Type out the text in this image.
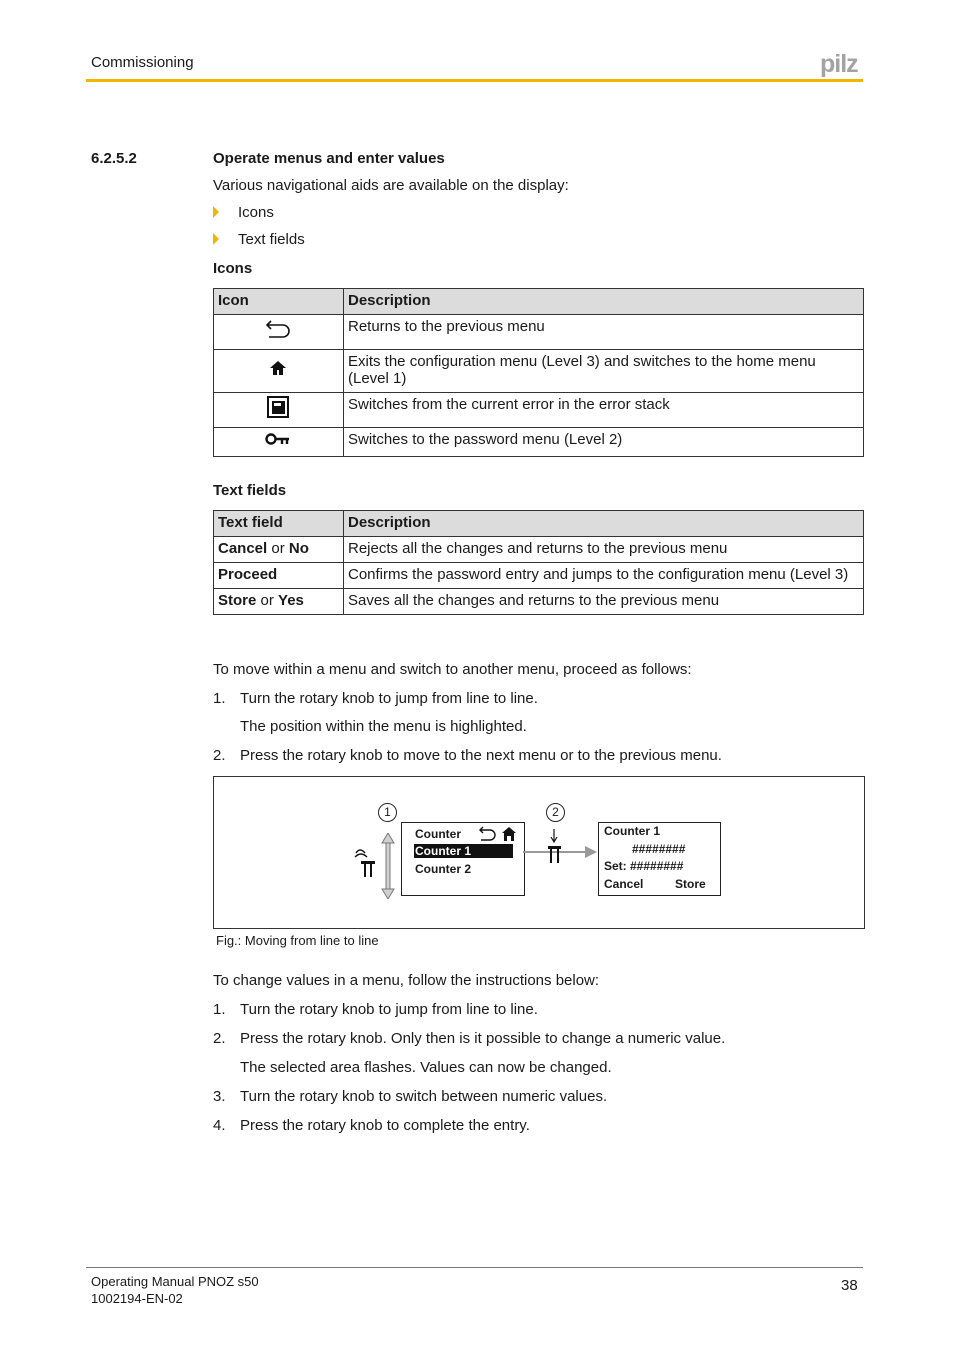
Commissioning	pilz
6.2.5.2	Operate menus and enter values
Various navigational aids are available on the display:
Icons
Text fields
Icons
Icon	Description
	Returns to the previous menu
	Exits the configuration menu (Level 3) and switches to the home menu (Level 1)
	Switches from the current error in the error stack
	Switches to the password menu (Level 2)
Text fields
Text field	Description
Cancel or No	Rejects all the changes and returns to the previous menu
Proceed	Confirms the password entry and jumps to the configuration menu (Level 3)
Store or Yes	Saves all the changes and returns to the previous menu
To move within a menu and switch to another menu, proceed as follows:
1. Turn the rotary knob to jump from line to line.
The position within the menu is highlighted.
2. Press the rotary knob to move to the next menu or to the previous menu.
1	2
Counter
Counter 1
Counter 2
Counter 1
########
Set: ########
Cancel	Store
Fig.: Moving from line to line
To change values in a menu, follow the instructions below:
1. Turn the rotary knob to jump from line to line.
2. Press the rotary knob. Only then is it possible to change a numeric value.
The selected area flashes. Values can now be changed.
3. Turn the rotary knob to switch between numeric values.
4. Press the rotary knob to complete the entry.
Operating Manual PNOZ s50
1002194-EN-02
38
